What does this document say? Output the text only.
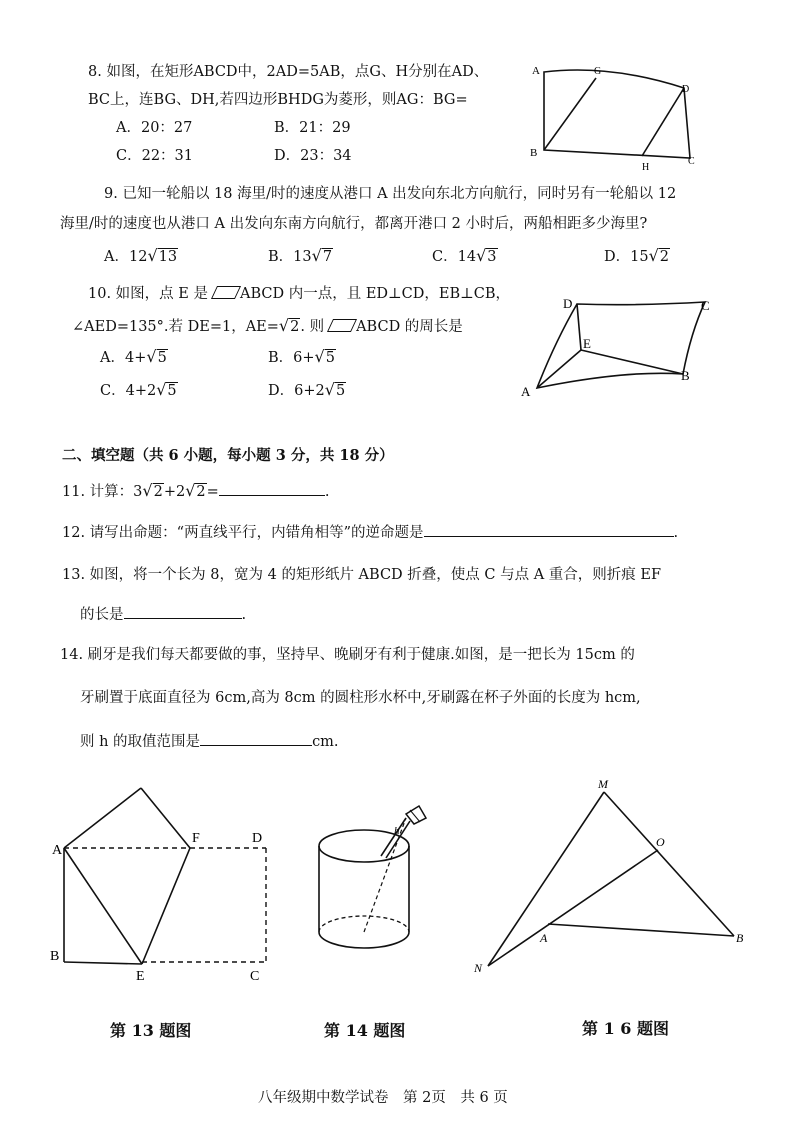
8. 如图，在矩形ABCD中，2AD=5AB，点G、H分别在AD、
BC上，连BG、DH,若四边形BHDG为菱形，则AG：BG=
A．20：27	B．21：29
C．22：31	D．23：34
A	G
D
B
H
C
9. 已知一轮船以 18 海里/时的速度从港口 A 出发向东北方向航行，同时另有一轮船以 12
海里/时的速度也从港口 A 出发向东南方向航行，都离开港口 2 小时后，两船相距多少海里?
A．12√13	B．13√7	C．14√3	D．15√2
10. 如图，点 E 是 ABCD 内一点，且 ED⊥CD，EB⊥CB，
∠AED=135°.若 DE=1，AE=√2. 则 ABCD 的周长是
A．4+√5	B．6+√5
C．4+2√5	D．6+2√5
D	C
E
A
B
二、填空题（共 6 小题，每小题 3 分，共 18 分）
11. 计算：3√2+2√2=	.
12. 请写出命题：“两直线平行，内错角相等”的逆命题是	.
13. 如图，将一个长为 8，宽为 4 的矩形纸片 ABCD 折叠，使点 C 与点 A 重合，则折痕 EF
的长是	.
14. 刷牙是我们每天都要做的事，坚持早、晚刷牙有利于健康.如图，是一把长为 15cm 的
牙刷置于底面直径为 6cm,高为 8cm 的圆柱形水杯中,牙刷露在杯子外面的长度为 hcm,
则 h 的取值范围是	cm.
A
F	D
B
E	C
第 13 题图
h
第 14 题图
M
O
A	B
N
第 1 6 题图
八年级期中数学试卷　第 2页　共 6 页
